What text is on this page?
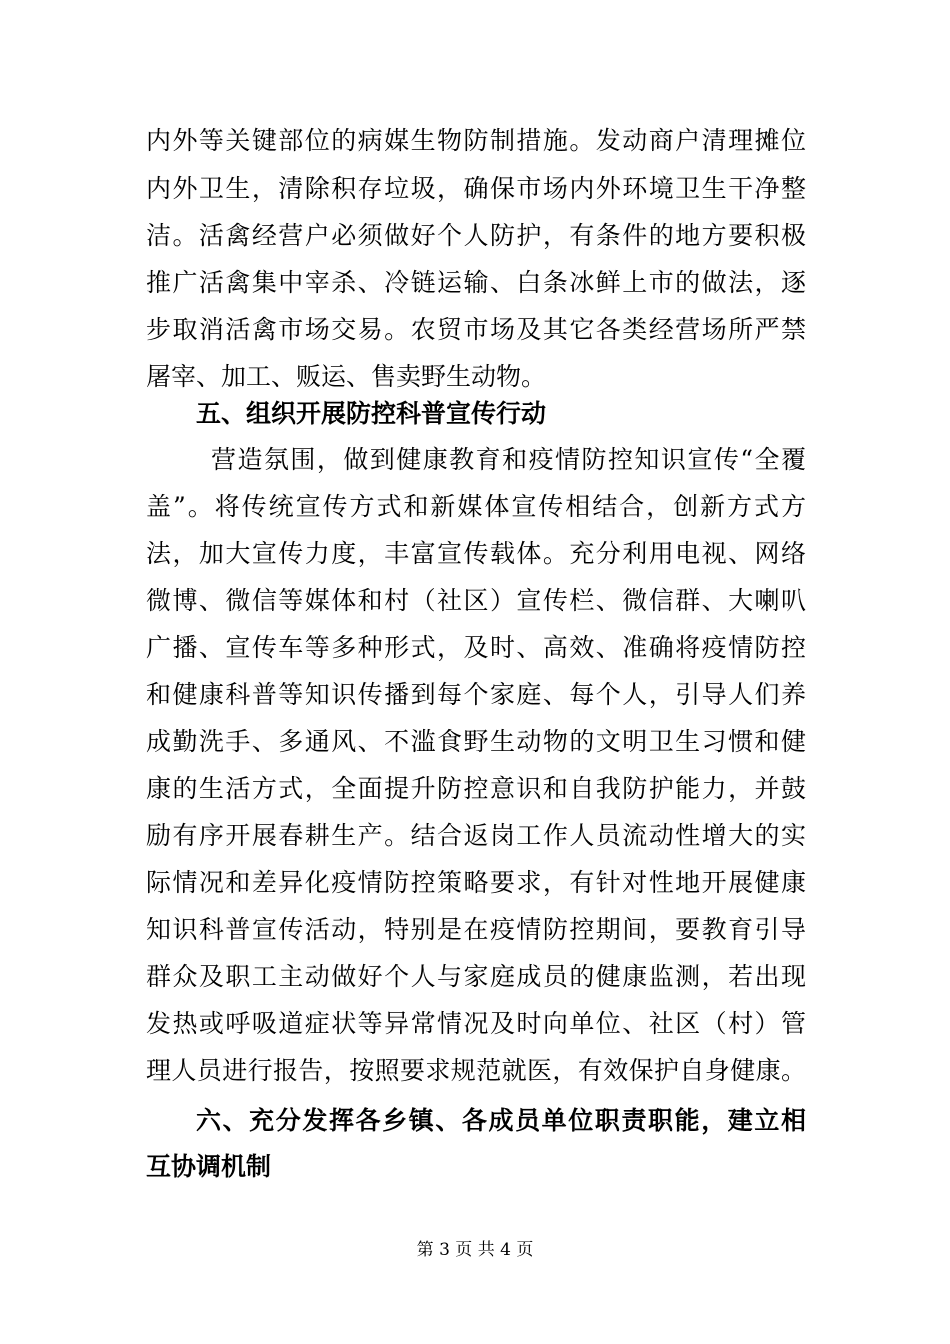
内外等关键部位的病媒生物防制措施。发动商户清理摊位
内外卫生，清除积存垃圾，确保市场内外环境卫生干净整
洁。活禽经营户必须做好个人防护，有条件的地方要积极
推广活禽集中宰杀、冷链运输、白条冰鲜上市的做法，逐
步取消活禽市场交易。农贸市场及其它各类经营场所严禁
屠宰、加工、贩运、售卖野生动物。
五、组织开展防控科普宣传行动
营造氛围，做到健康教育和疫情防控知识宣传“全覆
盖”。将传统宣传方式和新媒体宣传相结合，创新方式方
法，加大宣传力度，丰富宣传载体。充分利用电视、网络
微博、微信等媒体和村（社区）宣传栏、微信群、大喇叭
广播、宣传车等多种形式，及时、高效、准确将疫情防控
和健康科普等知识传播到每个家庭、每个人，引导人们养
成勤洗手、多通风、不滥食野生动物的文明卫生习惯和健
康的生活方式，全面提升防控意识和自我防护能力，并鼓
励有序开展春耕生产。结合返岗工作人员流动性增大的实
际情况和差异化疫情防控策略要求，有针对性地开展健康
知识科普宣传活动，特别是在疫情防控期间，要教育引导
群众及职工主动做好个人与家庭成员的健康监测，若出现
发热或呼吸道症状等异常情况及时向单位、社区（村）管
理人员进行报告，按照要求规范就医，有效保护自身健康。
六、充分发挥各乡镇、各成员单位职责职能，建立相
互协调机制
第 3 页 共 4 页
